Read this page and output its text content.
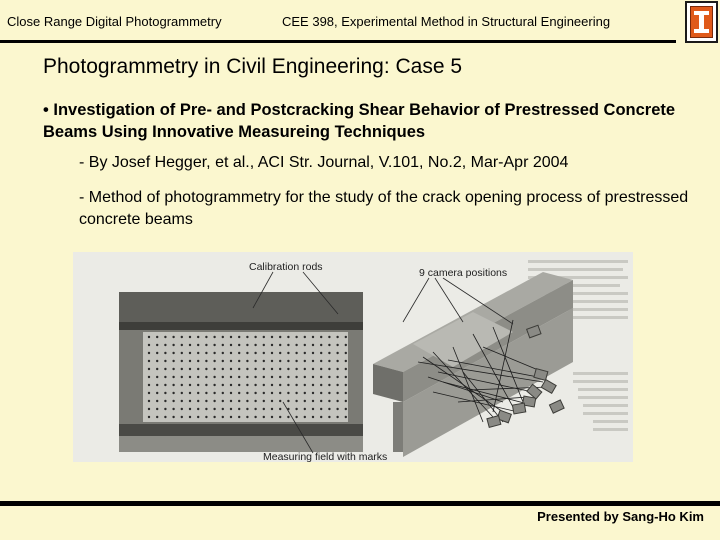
Close Range Digital Photogrammetry	CEE 398, Experimental Method in Structural Engineering
Photogrammetry in Civil Engineering: Case 5
• Investigation of Pre- and Postcracking Shear Behavior of Prestressed Concrete Beams Using Innovative Measureing Techniques
- By Josef Hegger, et al., ACI Str. Journal, V.101, No.2, Mar-Apr 2004
- Method of photogrammetry for the study of the crack opening process of prestressed concrete beams
Calibration rods	9 camera positions
Measuring field with marks
Presented by Sang-Ho Kim
